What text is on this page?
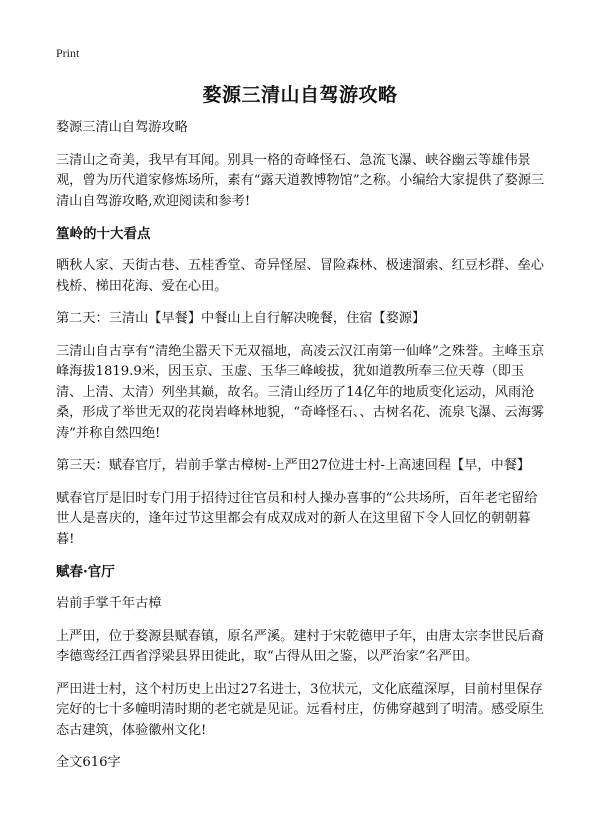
Print
婺源三清山自驾游攻略

婺源三清山自驾游攻略

三清山之奇美，我早有耳闻。别具一格的奇峰怪石、急流飞瀑、峡谷幽云等雄伟景观，曾为历代道家修炼场所，素有“露天道教博物馆”之称。小编给大家提供了婺源三清山自驾游攻略,欢迎阅读和参考!

篁岭的十大看点

晒秋人家、天街古巷、五桂香堂、奇异怪屋、冒险森林、极速溜索、红豆杉群、垒心栈桥、梯田花海、爱在心田。

第二天：三清山【早餐】中餐山上自行解决晚餐，住宿【婺源】

三清山自古享有“清绝尘嚣天下无双福地，高凌云汉江南第一仙峰”之殊誉。主峰玉京峰海拔1819.9米，因玉京、玉虚、玉华三峰峻拔，犹如道教所奉三位天尊（即玉清、上清、太清）列坐其巅，故名。三清山经历了14亿年的地质变化运动，风雨沧桑，形成了举世无双的花岗岩峰林地貌，“奇峰怪石、、古树名花、流泉飞瀑、云海雾涛”并称自然四绝!

第三天：赋春官厅，岩前手掌古樟树-上严田27位进士村-上高速回程【早，中餐】

赋春官厅是旧时专门用于招待过往官员和村人操办喜事的“公共场所，百年老宅留给世人是喜庆的，逢年过节这里都会有成双成对的新人在这里留下令人回忆的朝朝暮暮!

赋春·官厅

岩前手掌千年古樟

上严田，位于婺源县赋春镇，原名严溪。建村于宋乾德甲子年，由唐太宗李世民后裔李德鸾经江西省浮梁县界田徙此，取“占得从田之鉴，以严治家”名严田。

严田进士村，这个村历史上出过27名进士，3位状元，文化底蕴深厚，目前村里保存完好的七十多幢明清时期的老宅就是见证。远看村庄，仿佛穿越到了明清。感受原生态古建筑，体验徽州文化!

全文616字
